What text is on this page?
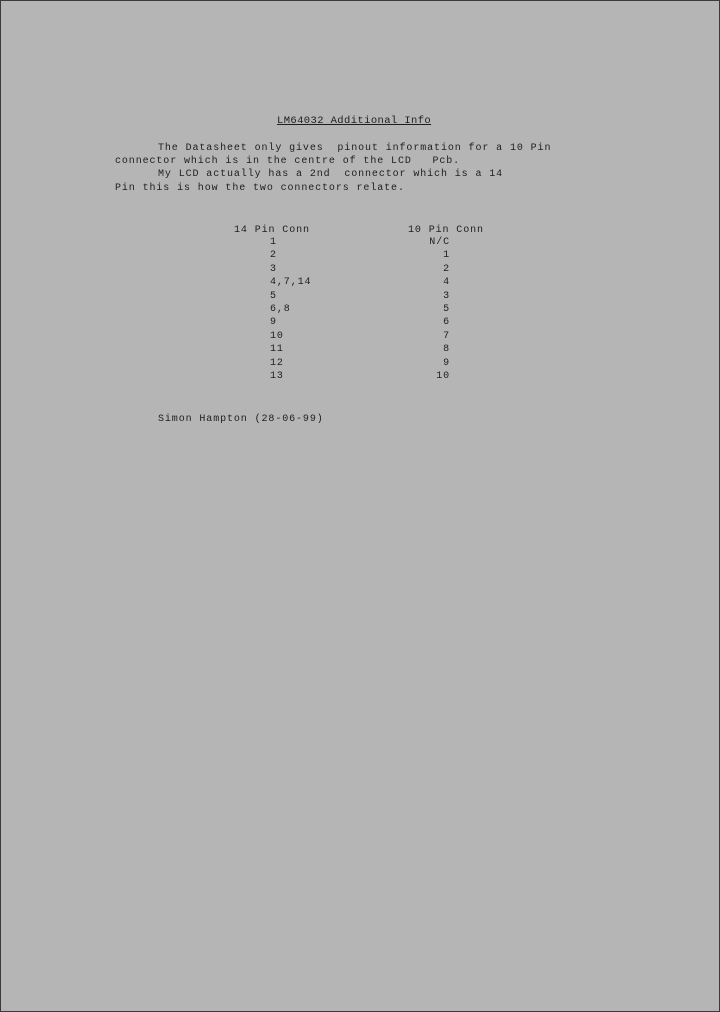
LM64032 Additional Info
The Datasheet only gives  pinout information for a 10 Pin
connector which is in the centre of the LCD   Pcb.
My LCD actually has a 2nd  connector which is a 14
Pin this is how the two connectors relate.
14 Pin Conn	10 Pin Conn
1	N/C
2	1
3	2
4,7,14	4
5	3
6,8	5
9	6
10	7
11	8
12	9
13	10
Simon Hampton (28-06-99)
